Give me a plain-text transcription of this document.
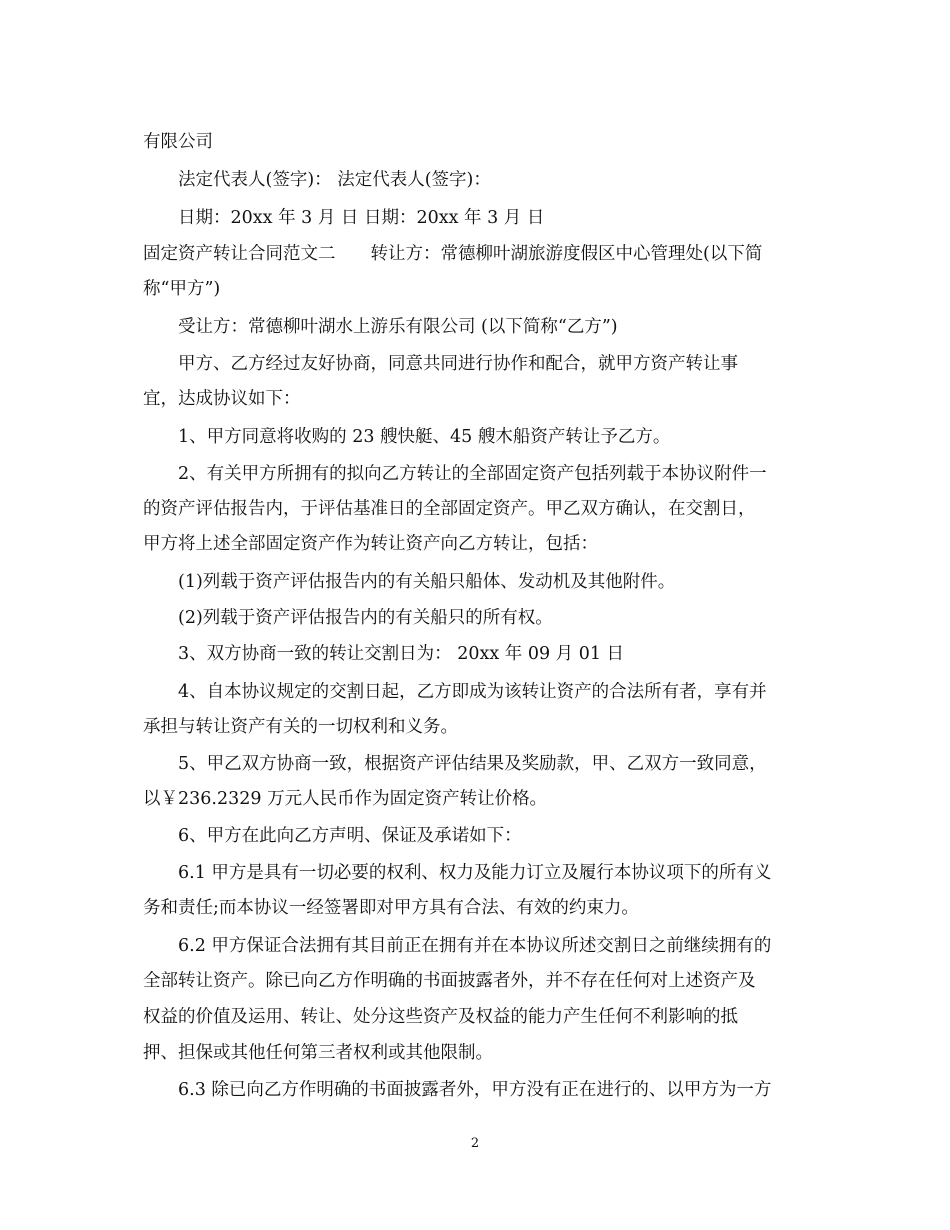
有限公司
法定代表人(签字)： 法定代表人(签字)：
日期：20xx 年 3 月 日 日期：20xx 年 3 月 日
固定资产转让合同范文二　　转让方：常德柳叶湖旅游度假区中心管理处(以下简
称“甲方”)
受让方：常德柳叶湖水上游乐有限公司 (以下简称“乙方”)
甲方、乙方经过友好协商，同意共同进行协作和配合，就甲方资产转让事
宜，达成协议如下：
1、甲方同意将收购的 23 艘快艇、45 艘木船资产转让予乙方。
2、有关甲方所拥有的拟向乙方转让的全部固定资产包括列载于本协议附件一
的资产评估报告内，于评估基准日的全部固定资产。甲乙双方确认，在交割日，
甲方将上述全部固定资产作为转让资产向乙方转让，包括：
(1)列载于资产评估报告内的有关船只船体、发动机及其他附件。
(2)列载于资产评估报告内的有关船只的所有权。
3、双方协商一致的转让交割日为： 20xx 年 09 月 01 日
4、自本协议规定的交割日起，乙方即成为该转让资产的合法所有者，享有并
承担与转让资产有关的一切权利和义务。
5、甲乙双方协商一致，根据资产评估结果及奖励款，甲、乙双方一致同意，
以￥236.2329 万元人民币作为固定资产转让价格。
6、甲方在此向乙方声明、保证及承诺如下：
6.1 甲方是具有一切必要的权利、权力及能力订立及履行本协议项下的所有义
务和责任;而本协议一经签署即对甲方具有合法、有效的约束力。
6.2 甲方保证合法拥有其目前正在拥有并在本协议所述交割日之前继续拥有的
全部转让资产。除已向乙方作明确的书面披露者外，并不存在任何对上述资产及
权益的价值及运用、转让、处分这些资产及权益的能力产生任何不利影响的抵
押、担保或其他任何第三者权利或其他限制。
6.3 除已向乙方作明确的书面披露者外，甲方没有正在进行的、以甲方为一方
2
